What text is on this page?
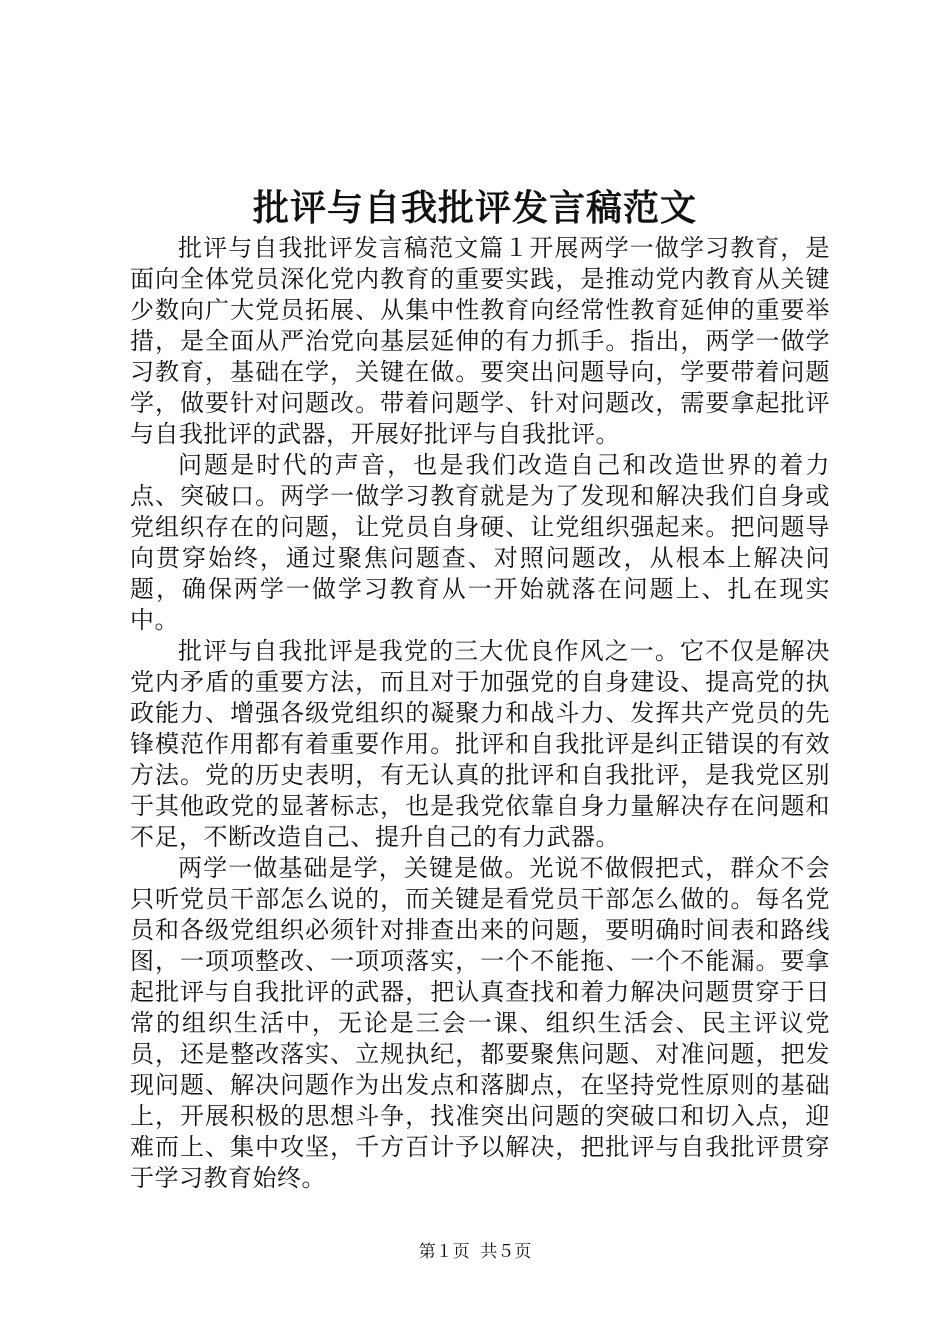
批评与自我批评发言稿范文

批评与自我批评发言稿范文篇１开展两学一做学习教育，是面向全体党员深化党内教育的重要实践，是推动党内教育从关键少数向广大党员拓展、从集中性教育向经常性教育延伸的重要举措，是全面从严治党向基层延伸的有力抓手。指出，两学一做学习教育，基础在学，关键在做。要突出问题导向，学要带着问题学，做要针对问题改。带着问题学、针对问题改，需要拿起批评与自我批评的武器，开展好批评与自我批评。

问题是时代的声音，也是我们改造自己和改造世界的着力点、突破口。两学一做学习教育就是为了发现和解决我们自身或党组织存在的问题，让党员自身硬、让党组织强起来。把问题导向贯穿始终，通过聚焦问题查、对照问题改，从根本上解决问题，确保两学一做学习教育从一开始就落在问题上、扎在现实中。

批评与自我批评是我党的三大优良作风之一。它不仅是解决党内矛盾的重要方法，而且对于加强党的自身建设、提高党的执政能力、增强各级党组织的凝聚力和战斗力、发挥共产党员的先锋模范作用都有着重要作用。批评和自我批评是纠正错误的有效方法。党的历史表明，有无认真的批评和自我批评，是我党区别于其他政党的显著标志，也是我党依靠自身力量解决存在问题和不足，不断改造自己、提升自己的有力武器。

两学一做基础是学，关键是做。光说不做假把式，群众不会只听党员干部怎么说的，而关键是看党员干部怎么做的。每名党员和各级党组织必须针对排查出来的问题，要明确时间表和路线图，一项项整改、一项项落实，一个不能拖、一个不能漏。要拿起批评与自我批评的武器，把认真查找和着力解决问题贯穿于日常的组织生活中，无论是三会一课、组织生活会、民主评议党员，还是整改落实、立规执纪，都要聚焦问题、对准问题，把发现问题、解决问题作为出发点和落脚点，在坚持党性原则的基础上，开展积极的思想斗争，找准突出问题的突破口和切入点，迎难而上、集中攻坚，千方百计予以解决，把批评与自我批评贯穿于学习教育始终。

第１页 共５页
